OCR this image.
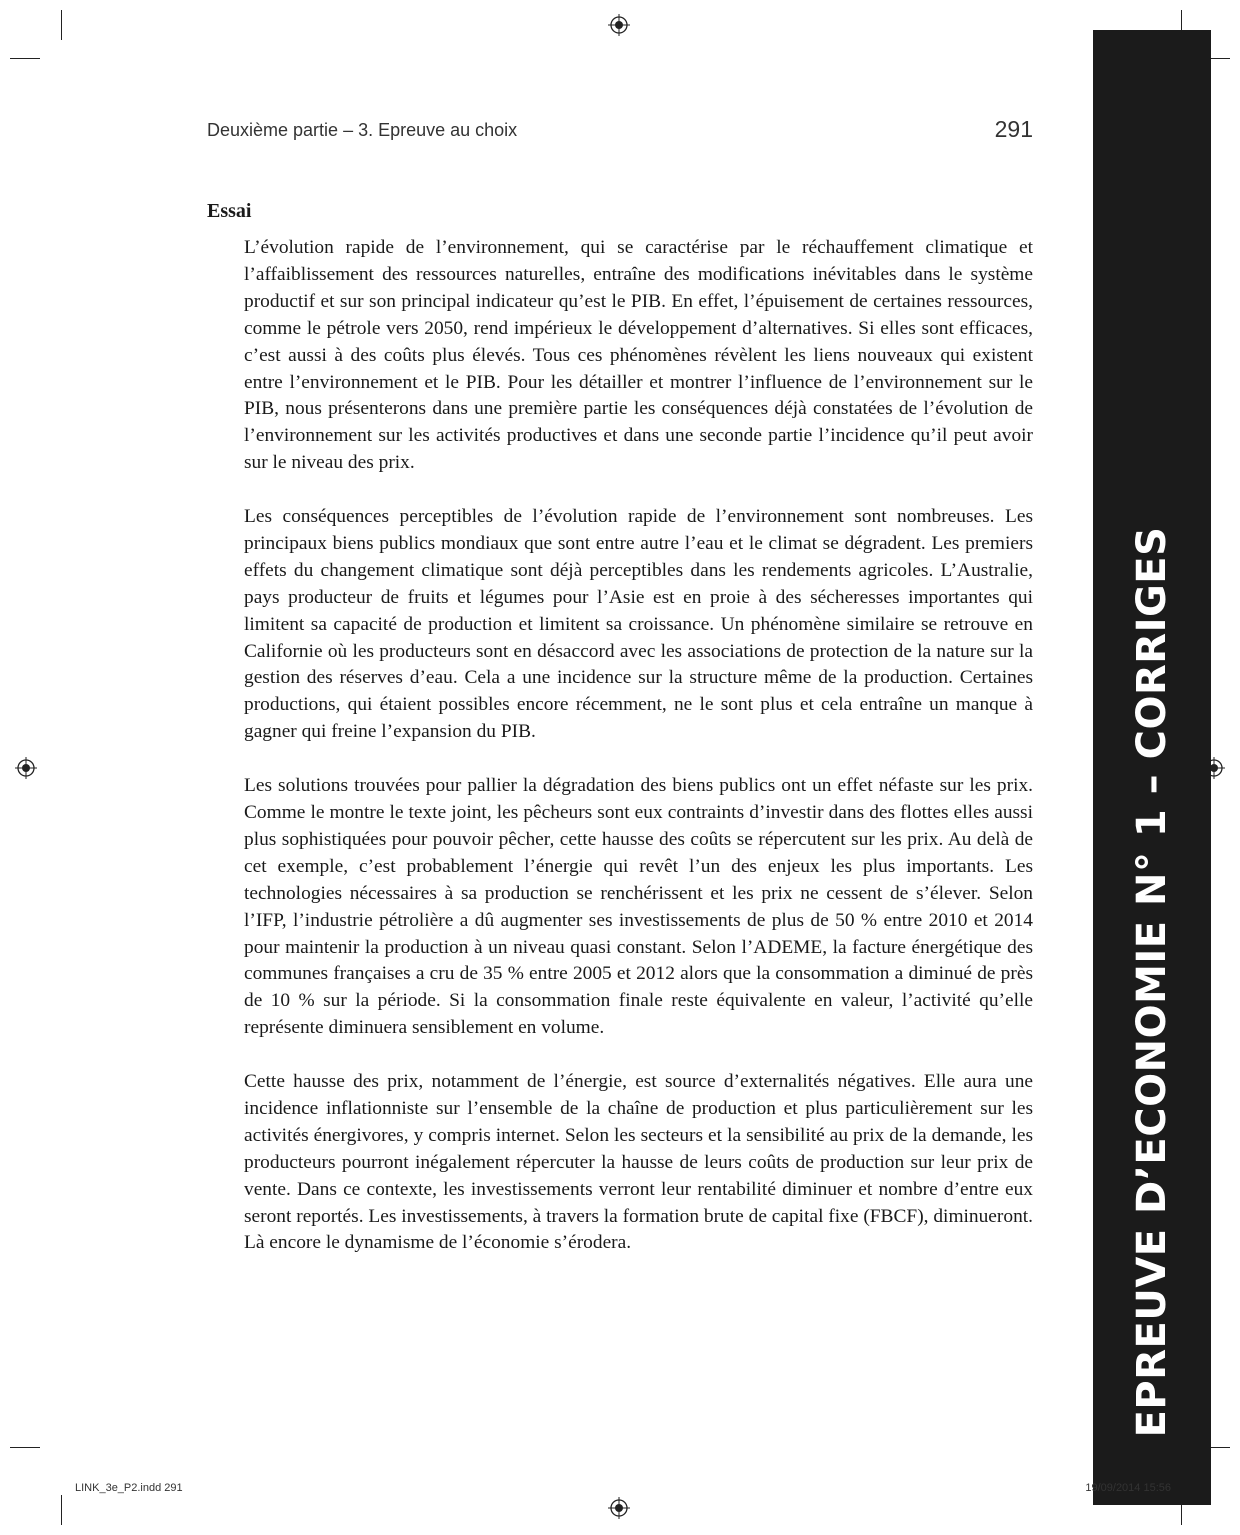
Deuxième partie – 3. Epreuve au choix	291
Essai

L’évolution rapide de l’environnement, qui se caractérise par le réchauffement climatique et l’affaiblissement des ressources naturelles, entraîne des modifications inévitables dans le système productif et sur son principal indicateur qu’est le PIB. En effet, l’épuisement de certaines ressources, comme le pétrole vers 2050, rend impérieux le développement d’alternatives. Si elles sont efficaces, c’est aussi à des coûts plus élevés. Tous ces phénomènes révèlent les liens nouveaux qui existent entre l’environnement et le PIB. Pour les détailler et montrer l’influence de l’environnement sur le PIB, nous présenterons dans une première partie les conséquences déjà constatées de l’évolution de l’environnement sur les activités productives et dans une seconde partie l’incidence qu’il peut avoir sur le niveau des prix.

Les conséquences perceptibles de l’évolution rapide de l’environnement sont nombreuses. Les principaux biens publics mondiaux que sont entre autre l’eau et le climat se dégradent. Les premiers effets du changement climatique sont déjà perceptibles dans les rendements agricoles. L’Australie, pays producteur de fruits et légumes pour l’Asie est en proie à des sécheresses importantes qui limitent sa capacité de production et limitent sa croissance. Un phénomène similaire se retrouve en Californie où les producteurs sont en désaccord avec les associations de protection de la nature sur la gestion des réserves d’eau. Cela a une incidence sur la structure même de la production. Certaines productions, qui étaient possibles encore récemment, ne le sont plus et cela entraîne un manque à gagner qui freine l’expansion du PIB.

Les solutions trouvées pour pallier la dégradation des biens publics ont un effet néfaste sur les prix. Comme le montre le texte joint, les pêcheurs sont eux contraints d’investir dans des flottes elles aussi plus sophistiquées pour pouvoir pêcher, cette hausse des coûts se répercutent sur les prix. Au delà de cet exemple, c’est probablement l’énergie qui revêt l’un des enjeux les plus importants. Les technologies nécessaires à sa production se renchérissent et les prix ne cessent de s’élever. Selon l’IFP, l’industrie pétrolière a dû augmenter ses investissements de plus de 50 % entre 2010 et 2014 pour maintenir la production à un niveau quasi constant. Selon l’ADEME, la facture énergétique des communes françaises a cru de 35 % entre 2005 et 2012 alors que la consommation a diminué de près de 10 % sur la période. Si la consommation finale reste équivalente en valeur, l’activité qu’elle représente diminuera sensiblement en volume.

Cette hausse des prix, notamment de l’énergie, est source d’externalités négatives. Elle aura une incidence inflationniste sur l’ensemble de la chaîne de production et plus particulièrement sur les activités énergivores, y compris internet. Selon les secteurs et la sensibilité au prix de la demande, les producteurs pourront inégalement répercuter la hausse de leurs coûts de production sur leur prix de vente. Dans ce contexte, les investissements verront leur rentabilité diminuer et nombre d’entre eux seront reportés. Les investissements, à travers la formation brute de capital fixe (FBCF), diminueront. Là encore le dynamisme de l’économie s’érodera.	EPREUVE D’ECONOMIE N° 1 – CORRIGES
LINK_3e_P2.indd 291	19/09/2014 15:56
